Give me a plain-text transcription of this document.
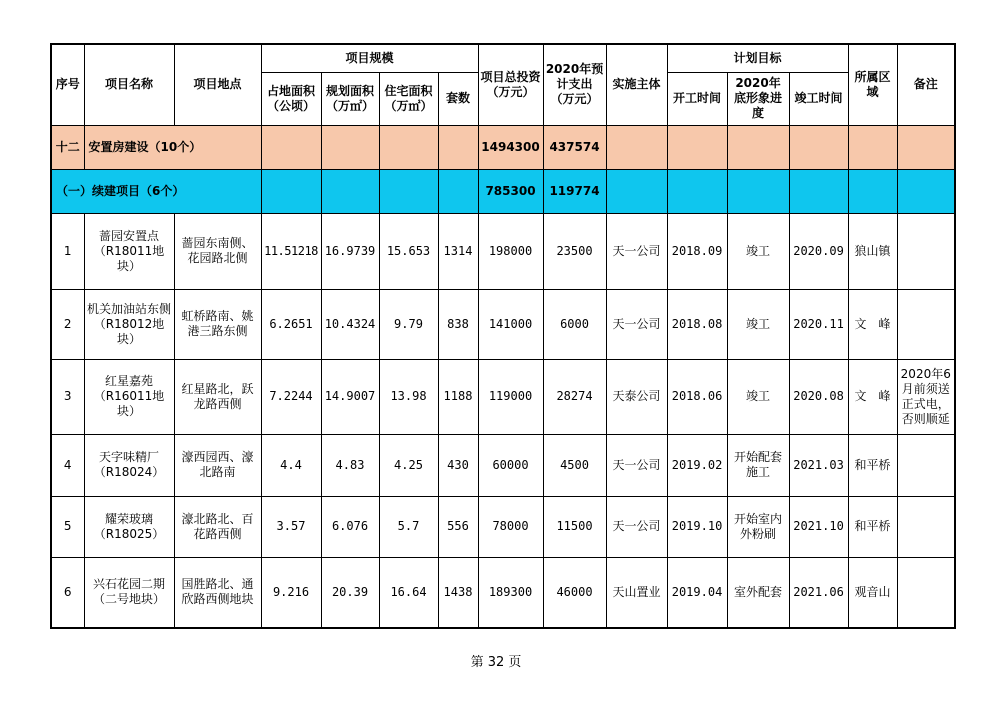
序号	项目名称	项目地点	项目规模				项目总投资（万元）	2020年预计支出（万元）	实施主体	计划目标			所属区域	备注
			占地面积（公顷）	规划面积（万㎡）	住宅面积（万㎡）	套数				开工时间	2020年底形象进度	竣工时间		
十二	安置房建设（10个）						1494300	437574						
（一）续建项目（6个）							785300	119774						
1	蔷园安置点（R18011地块）	蔷园东南侧、花园路北侧	11.51218	16.9739	15.653	1314	198000	23500	天一公司	2018.09	竣工	2020.09	狼山镇	
2	机关加油站东侧（R18012地块）	虹桥路南、姚港三路东侧	6.2651	10.4324	9.79	838	141000	6000	天一公司	2018.08	竣工	2020.11	文　峰	
3	红星嘉苑（R16011地块）	红星路北，跃龙路西侧	7.2244	14.9007	13.98	1188	119000	28274	天泰公司	2018.06	竣工	2020.08	文　峰	2020年6月前须送正式电，否则顺延
4	天字味精厂（R18024）	濠西园西、濠北路南	4.4	4.83	4.25	430	60000	4500	天一公司	2019.02	开始配套施工	2021.03	和平桥	
5	耀荣玻璃（R18025）	濠北路北、百花路西侧	3.57	6.076	5.7	556	78000	11500	天一公司	2019.10	开始室内外粉刷	2021.10	和平桥	
6	兴石花园二期（二号地块）	国胜路北、通欣路西侧地块	9.216	20.39	16.64	1438	189300	46000	天山置业	2019.04	室外配套	2021.06	观音山	
第 32 页
